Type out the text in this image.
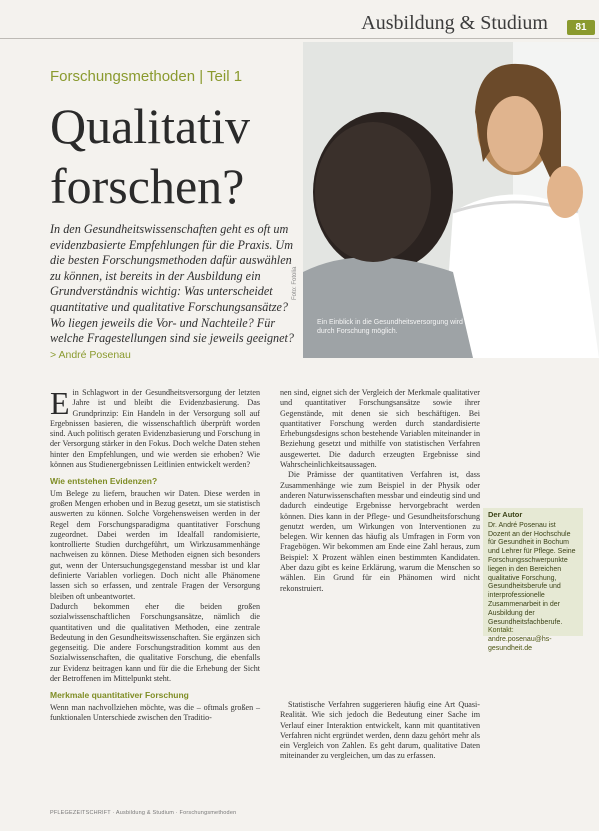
Ausbildung & Studium	81
Forschungsmethoden | Teil 1
Qualitativ
forschen?
In den Gesundheitswissenschaften geht es oft um evidenzbasierte Empfehlungen für die Praxis. Um die besten Forschungsmethoden dafür auswählen zu können, ist bereits in der Ausbildung ein Grundverständnis wichtig: Was unterscheidet quantitative und qualitative Forschungsansätze? Wo liegen jeweils die Vor- und Nachteile? Für welche Fragestellungen sind sie jeweils geeignet? > André Posenau
Ein Einblick in die Gesundheitsversorgung wird durch Forschung möglich.
Foto: Fotolia

Ein Schlagwort in der Gesundheitsversorgung der letzten Jahre ist und bleibt die Evidenzbasierung. Das Grundprinzip: Ein Handeln in der Versorgung soll auf Ergebnissen basieren, die wissenschaftlich überprüft worden sind. Auch politisch geraten Evidenzbasierung und Forschung in der Versorgung stärker in den Fokus. Doch welche Daten stehen hinter den Empfehlungen, und wie werden sie erhoben? Wie können aus Studienergebnissen Leitlinien entwickelt werden?

Wie entstehen Evidenzen?

Um Belege zu liefern, brauchen wir Daten. Diese werden in großen Mengen erhoben und in Bezug gesetzt, um sie statistisch auswerten zu können. Solche Vorgehensweisen werden in der Regel dem Forschungsparadigma quantitativer Forschung zugeordnet. Dabei werden im Idealfall randomisierte, kontrollierte Studien durchgeführt, um Wirkzusammenhänge nachweisen zu können. Diese Methoden eignen sich besonders gut, wenn der Untersuchungsgegenstand messbar ist und klar definierte Variablen vorliegen. Doch nicht alle Phänomene lassen sich so erfassen, und zentrale Fragen der Versorgung bleiben oft unbeantwortet.

Dadurch bekommen eher die beiden großen sozialwissenschaftlichen Forschungsansätze, nämlich die quantitativen und die qualitativen Methoden, eine zentrale Bedeutung in den Gesundheitswissenschaften. Sie ergänzen sich gegenseitig. Die andere Forschungstradition kommt aus den Sozialwissenschaften, die qualitative Forschung, die ebenfalls zur Evidenz beitragen kann und für die die Erhebung der Sicht der Betroffenen im Mittelpunkt steht.

Merkmale quantitativer Forschung

Wenn man nachvollziehen möchte, was die – oftmals großen – funktionalen Unterschiede zwischen den Traditio-

nen sind, eignet sich der Vergleich der Merkmale qualitativer und quantitativer Forschungsansätze sowie ihrer Gegenstände, mit denen sie sich beschäftigen. Bei quantitativer Forschung werden durch standardisierte Erhebungsdesigns schon bestehende Variablen miteinander in Beziehung gesetzt und mithilfe von statistischen Verfahren ausgewertet. Die dadurch erzeugten Ergebnisse sind Wahrscheinlichkeitsaussagen.

Die Prämisse der quantitativen Verfahren ist, dass Zusammenhänge wie zum Beispiel in der Physik oder anderen Naturwissenschaften messbar und eindeutig sind und dadurch eindeutige Ergebnisse hervorgebracht werden können. Dies kann in der Pflege- und Gesundheitsforschung genutzt werden, um Wirkungen von Interventionen zu belegen. Wir kennen das häufig als Umfragen in Form von Fragebögen. Wir bekommen am Ende eine Zahl heraus, zum Beispiel: X Prozent wählen einen bestimmten Kandidaten. Aber dazu gibt es keine Erklärung, warum die Menschen so wählen. Ein Grund für ein Phänomen wird nicht rekonstruiert.

Statistische Verfahren suggerieren häufig eine Art Quasi-Realität. Wie sich jedoch die Bedeutung einer Sache im Verlauf einer Interaktion entwickelt, kann mit quantitativen Verfahren nicht ergründet werden, denn dazu gehört mehr als ein Vergleich von Zahlen. Es geht darum, qualitative Daten miteinander zu vergleichen, um das zu erfassen.

Der Autor
Dr. André Posenau ist Dozent an der Hochschule für Gesundheit in Bochum und Lehrer für Pflege. Seine Forschungsschwerpunkte liegen in den Bereichen qualitative Forschung, Gesundheitsberufe und interprofessionelle Zusammenarbeit in der Ausbildung der Gesundheitsfachberufe.
Kontakt: andre.posenau@hs-gesundheit.de
PFLEGEZEITSCHRIFT · Ausbildung & Studium · Forschungsmethoden
